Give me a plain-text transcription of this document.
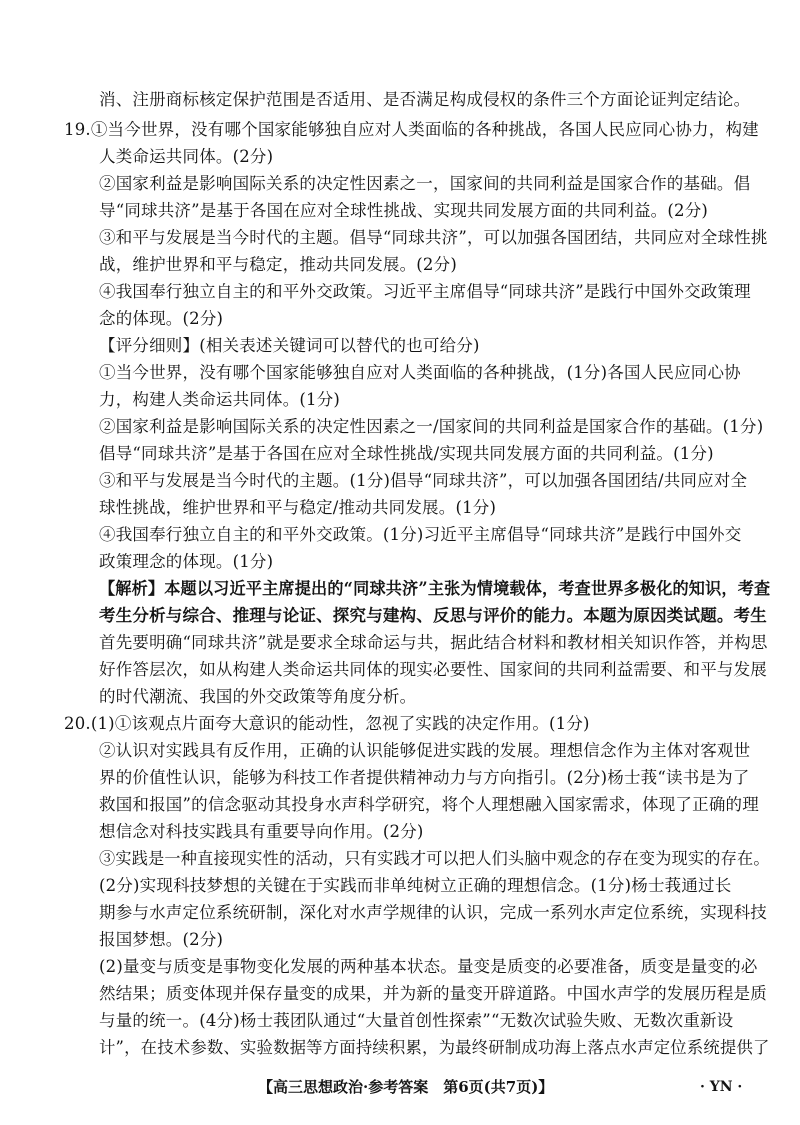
消、注册商标核定保护范围是否适用、是否满足构成侵权的条件三个方面论证判定结论。
19.①当今世界，没有哪个国家能够独自应对人类面临的各种挑战，各国人民应同心协力，构建
人类命运共同体。(2分)
②国家利益是影响国际关系的决定性因素之一，国家间的共同利益是国家合作的基础。倡
导“同球共济”是基于各国在应对全球性挑战、实现共同发展方面的共同利益。(2分)
③和平与发展是当今时代的主题。倡导“同球共济”，可以加强各国团结，共同应对全球性挑
战，维护世界和平与稳定，推动共同发展。(2分)
④我国奉行独立自主的和平外交政策。习近平主席倡导“同球共济”是践行中国外交政策理
念的体现。(2分)
【评分细则】(相关表述关键词可以替代的也可给分)
①当今世界，没有哪个国家能够独自应对人类面临的各种挑战，(1分)各国人民应同心协
力，构建人类命运共同体。(1分)
②国家利益是影响国际关系的决定性因素之一/国家间的共同利益是国家合作的基础。(1分)
倡导“同球共济”是基于各国在应对全球性挑战/实现共同发展方面的共同利益。(1分)
③和平与发展是当今时代的主题。(1分)倡导“同球共济”，可以加强各国团结/共同应对全
球性挑战，维护世界和平与稳定/推动共同发展。(1分)
④我国奉行独立自主的和平外交政策。(1分)习近平主席倡导“同球共济”是践行中国外交
政策理念的体现。(1分)
【解析】本题以习近平主席提出的“同球共济”主张为情境载体，考查世界多极化的知识，考查
考生分析与综合、推理与论证、探究与建构、反思与评价的能力。本题为原因类试题。考生
首先要明确“同球共济”就是要求全球命运与共，据此结合材料和教材相关知识作答，并构思
好作答层次，如从构建人类命运共同体的现实必要性、国家间的共同利益需要、和平与发展
的时代潮流、我国的外交政策等角度分析。
20.(1)①该观点片面夸大意识的能动性，忽视了实践的决定作用。(1分)
②认识对实践具有反作用，正确的认识能够促进实践的发展。理想信念作为主体对客观世
界的价值性认识，能够为科技工作者提供精神动力与方向指引。(2分)杨士莪“读书是为了
救国和报国”的信念驱动其投身水声科学研究，将个人理想融入国家需求，体现了正确的理
想信念对科技实践具有重要导向作用。(2分)
③实践是一种直接现实性的活动，只有实践才可以把人们头脑中观念的存在变为现实的存在。
(2分)实现科技梦想的关键在于实践而非单纯树立正确的理想信念。(1分)杨士莪通过长
期参与水声定位系统研制，深化对水声学规律的认识，完成一系列水声定位系统，实现科技
报国梦想。(2分)
(2)量变与质变是事物变化发展的两种基本状态。量变是质变的必要准备，质变是量变的必
然结果；质变体现并保存量变的成果，并为新的量变开辟道路。中国水声学的发展历程是质
与量的统一。(4分)杨士莪团队通过“大量首创性探索”“无数次试验失败、无数次重新设
计”，在技术参数、实验数据等方面持续积累，为最终研制成功海上落点水声定位系统提供了
【高三思想政治·参考答案　第6页(共7页)】	· YN ·
